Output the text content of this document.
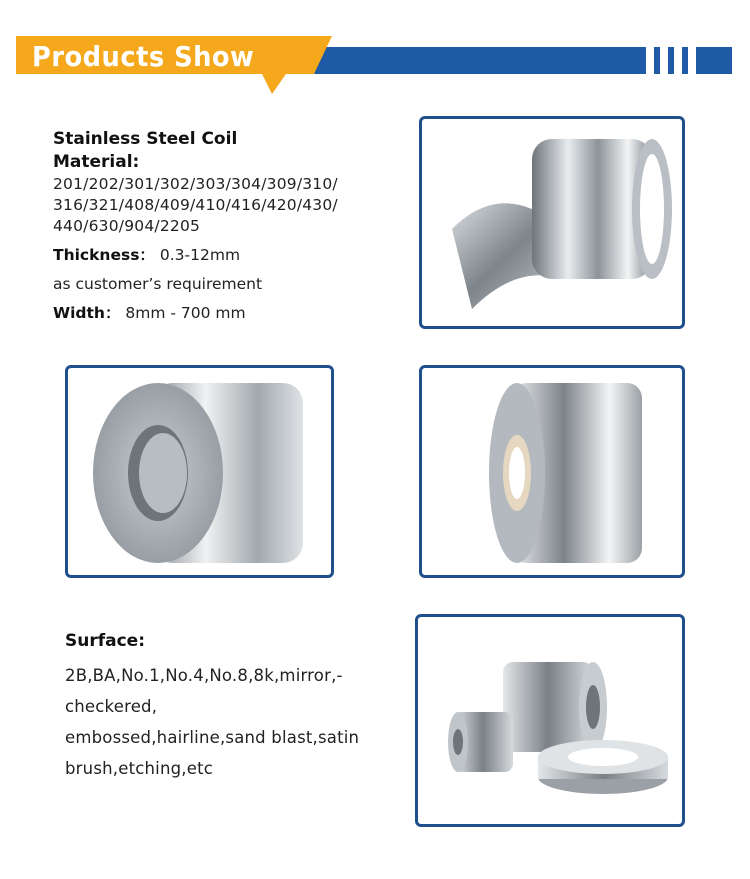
Products Show
Stainless Steel Coil
Material:
201/202/301/302/303/304/309/310/
316/321/408/409/410/416/420/430/
440/630/904/2205
Thickness： 0.3-12mm
as customer’s requirement
Width： 8mm - 700 mm
Surface:
2B,BA,No.1,No.4,No.8,8k,mirror,-
checkered,
embossed,hairline,sand blast,satin
brush,etching,etc
